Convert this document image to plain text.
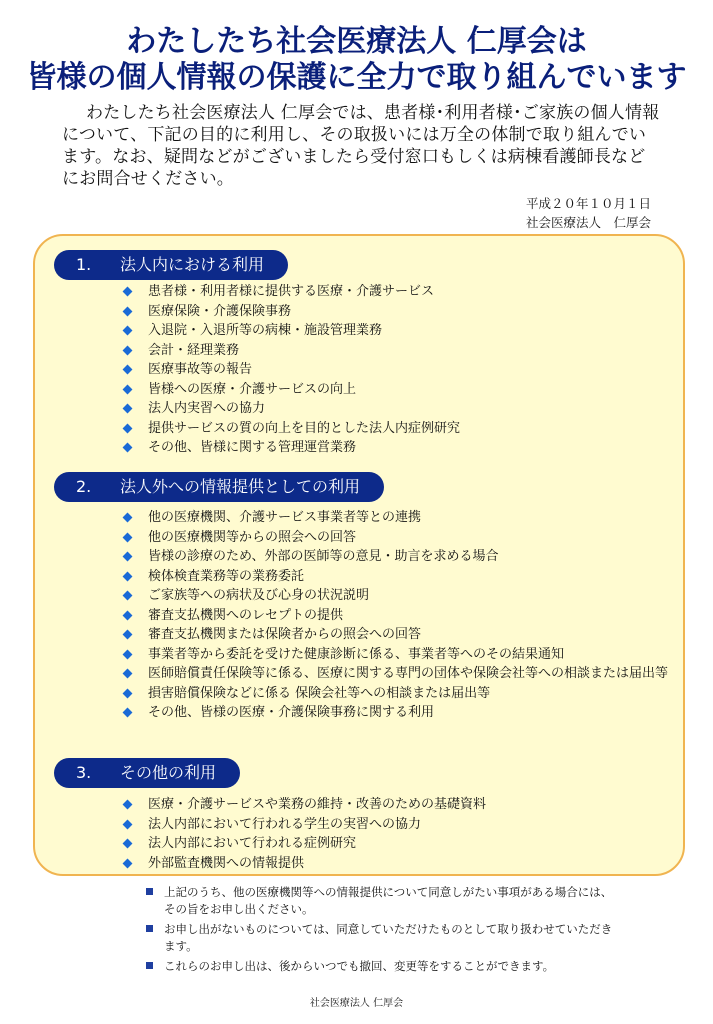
わたしたち社会医療法人 仁厚会は
皆様の個人情報の保護に全力で取り組んでいます
わたしたち社会医療法人 仁厚会では、患者様･利用者様･ご家族の個人情報について、下記の目的に利用し、その取扱いには万全の体制で取り組んでいます。なお、疑問などがございましたら受付窓口もしくは病棟看護師長などにお問合せください。
平成２０年１０月１日
社会医療法人　仁厚会
1. 法人内における利用
患者様・利用者様に提供する医療・介護サービス
医療保険・介護保険事務
入退院・入退所等の病棟・施設管理業務
会計・経理業務
医療事故等の報告
皆様への医療・介護サービスの向上
法人内実習への協力
提供サービスの質の向上を目的とした法人内症例研究
その他、皆様に関する管理運営業務
2. 法人外への情報提供としての利用
他の医療機関、介護サービス事業者等との連携
他の医療機関等からの照会への回答
皆様の診療のため、外部の医師等の意見・助言を求める場合
検体検査業務等の業務委託
ご家族等への病状及び心身の状況説明
審査支払機関へのレセプトの提供
審査支払機関または保険者からの照会への回答
事業者等から委託を受けた健康診断に係る、事業者等へのその結果通知
医師賠償責任保険等に係る、医療に関する専門の団体や保険会社等への相談または届出等
損害賠償保険などに係る 保険会社等への相談または届出等
その他、皆様の医療・介護保険事務に関する利用
3. その他の利用
医療・介護サービスや業務の維持・改善のための基礎資料
法人内部において行われる学生の実習への協力
法人内部において行われる症例研究
外部監査機関への情報提供
上記のうち、他の医療機関等への情報提供について同意しがたい事項がある場合には、その旨をお申し出ください。
お申し出がないものについては、同意していただけたものとして取り扱わせていただきます。
これらのお申し出は、後からいつでも撤回、変更等をすることができます。
社会医療法人 仁厚会
